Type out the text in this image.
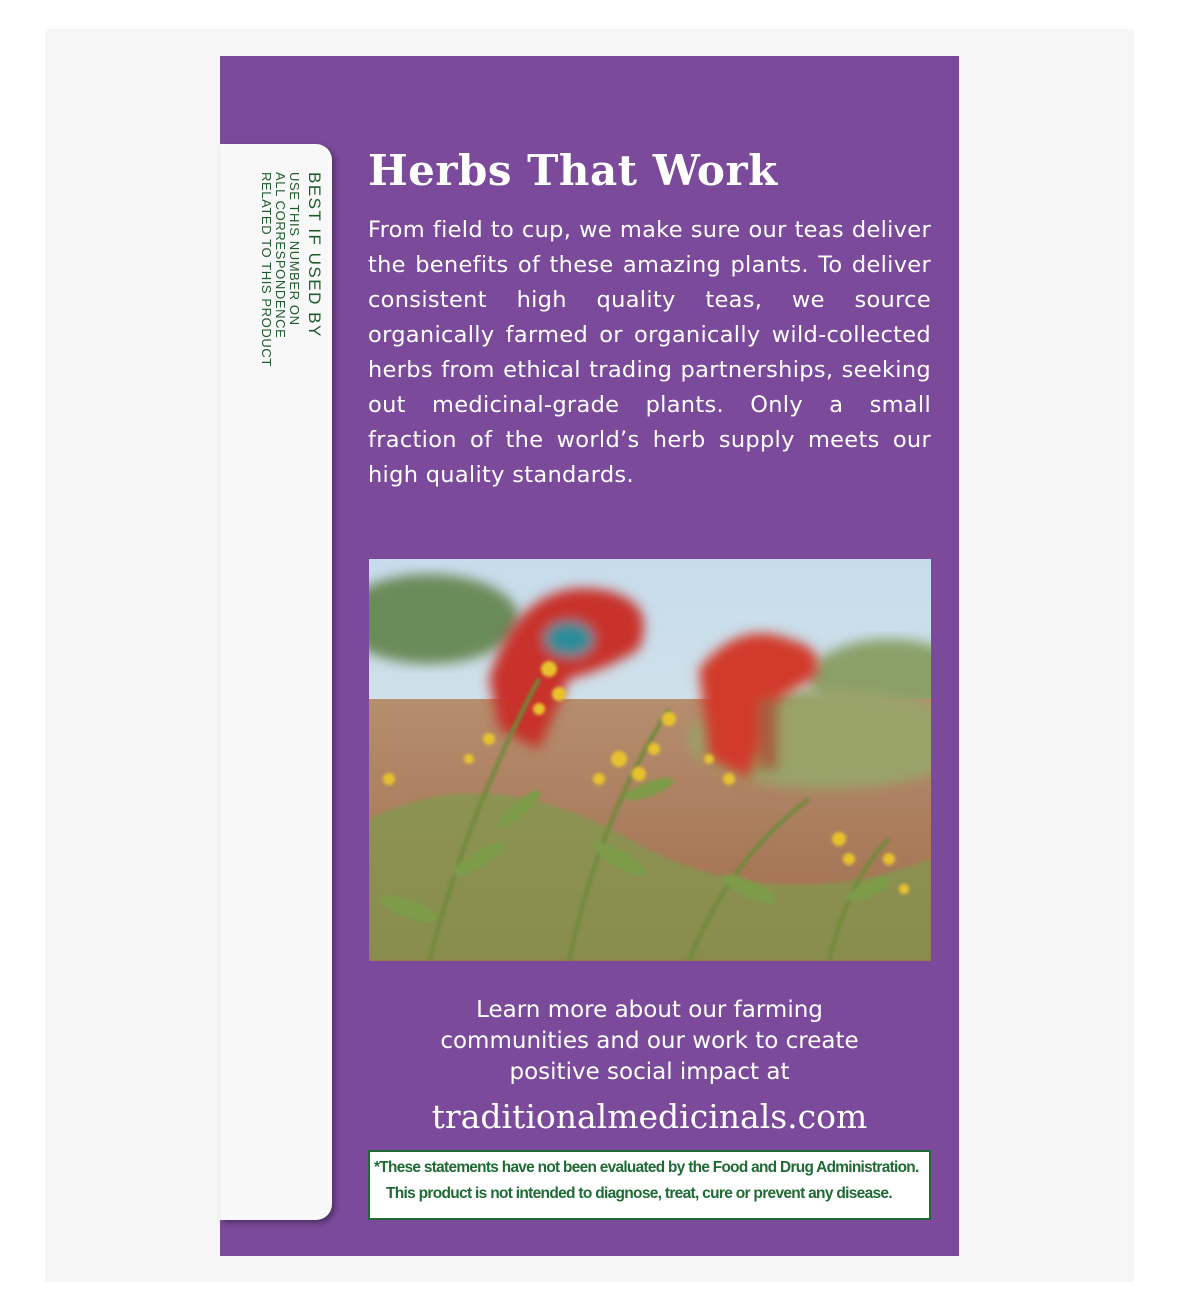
BEST IF USED BY
USE THIS NUMBER ON
ALL CORRESPONDENCE
RELATED TO THIS PRODUCT
Herbs That Work

From field to cup, we make sure our teas deliver the benefits of these amazing plants. To deliver consistent high quality teas, we source organically farmed or organically wild-collected herbs from ethical trading partnerships, seeking out medicinal-grade plants. Only a small fraction of the world’s herb supply meets our high quality standards.

Learn more about our farming
communities and our work to create
positive social impact at
traditionalmedicinals.com
*These statements have not been evaluated by the Food and Drug Administration. This product is not intended to diagnose, treat, cure or prevent any disease.
